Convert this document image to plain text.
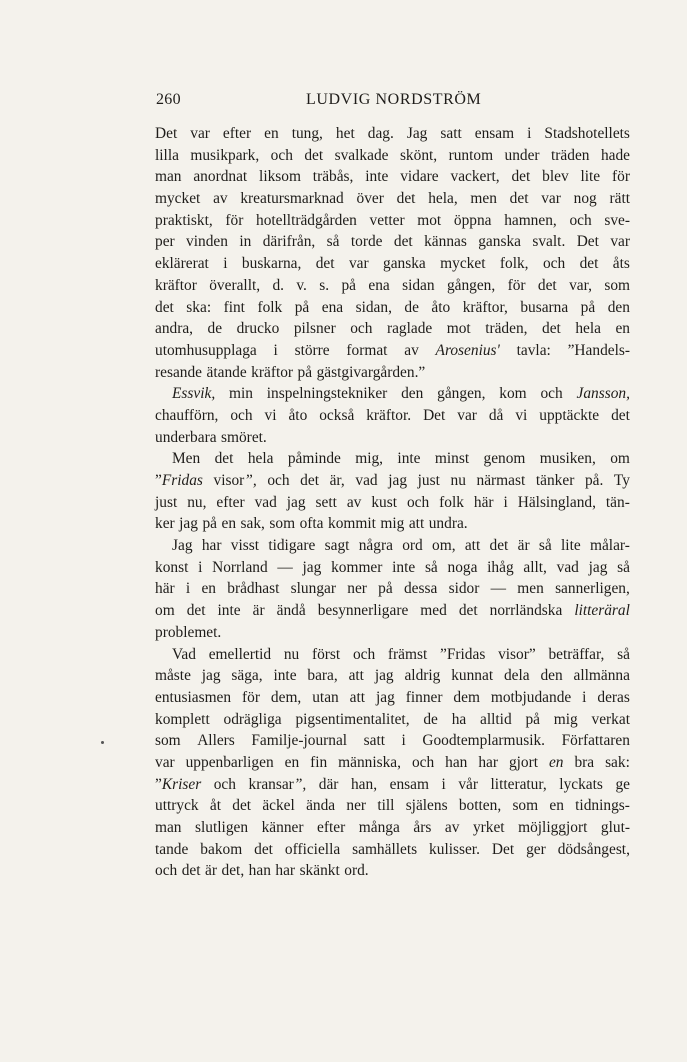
260	LUDVIG NORDSTRÖM
Det var efter en tung, het dag. Jag satt ensam i Stadshotellets
lilla musikpark, och det svalkade skönt, runtom under träden hade
man anordnat liksom träbås, inte vidare vackert, det blev lite för
mycket av kreatursmarknad över det hela, men det var nog rätt
praktiskt, för hotellträdgården vetter mot öppna hamnen, och sve-
per vinden in därifrån, så torde det kännas ganska svalt. Det var
eklärerat i buskarna, det var ganska mycket folk, och det åts
kräftor överallt, d. v. s. på ena sidan gången, för det var, som
det ska: fint folk på ena sidan, de åto kräftor, busarna på den
andra, de drucko pilsner och raglade mot träden, det hela en
utomhusupplaga i större format av Arosenius' tavla: ”Handels-
resande ätande kräftor på gästgivargården.”
Essvik, min inspelningstekniker den gången, kom och Jansson,
chaufförn, och vi åto också kräftor. Det var då vi upptäckte det
underbara smöret.
Men det hela påminde mig, inte minst genom musiken, om
”Fridas visor”, och det är, vad jag just nu närmast tänker på. Ty
just nu, efter vad jag sett av kust och folk här i Hälsingland, tän-
ker jag på en sak, som ofta kommit mig att undra.
Jag har visst tidigare sagt några ord om, att det är så lite målar-
konst i Norrland — jag kommer inte så noga ihåg allt, vad jag så
här i en brådhast slungar ner på dessa sidor — men sannerligen,
om det inte är ändå besynnerligare med det norrländska litteräral
problemet.
Vad emellertid nu först och främst ”Fridas visor” beträffar, så
måste jag säga, inte bara, att jag aldrig kunnat dela den allmänna
entusiasmen för dem, utan att jag finner dem motbjudande i deras
komplett odrägliga pigsentimentalitet, de ha alltid på mig verkat
som Allers Familje-journal satt i Goodtemplarmusik. Författaren
var uppenbarligen en fin människa, och han har gjort en bra sak:
”Kriser och kransar”, där han, ensam i vår litteratur, lyckats ge
uttryck åt det äckel ända ner till själens botten, som en tidnings-
man slutligen känner efter många års av yrket möjliggjort glut-
tande bakom det officiella samhällets kulisser. Det ger dödsångest,
och det är det, han har skänkt ord.
